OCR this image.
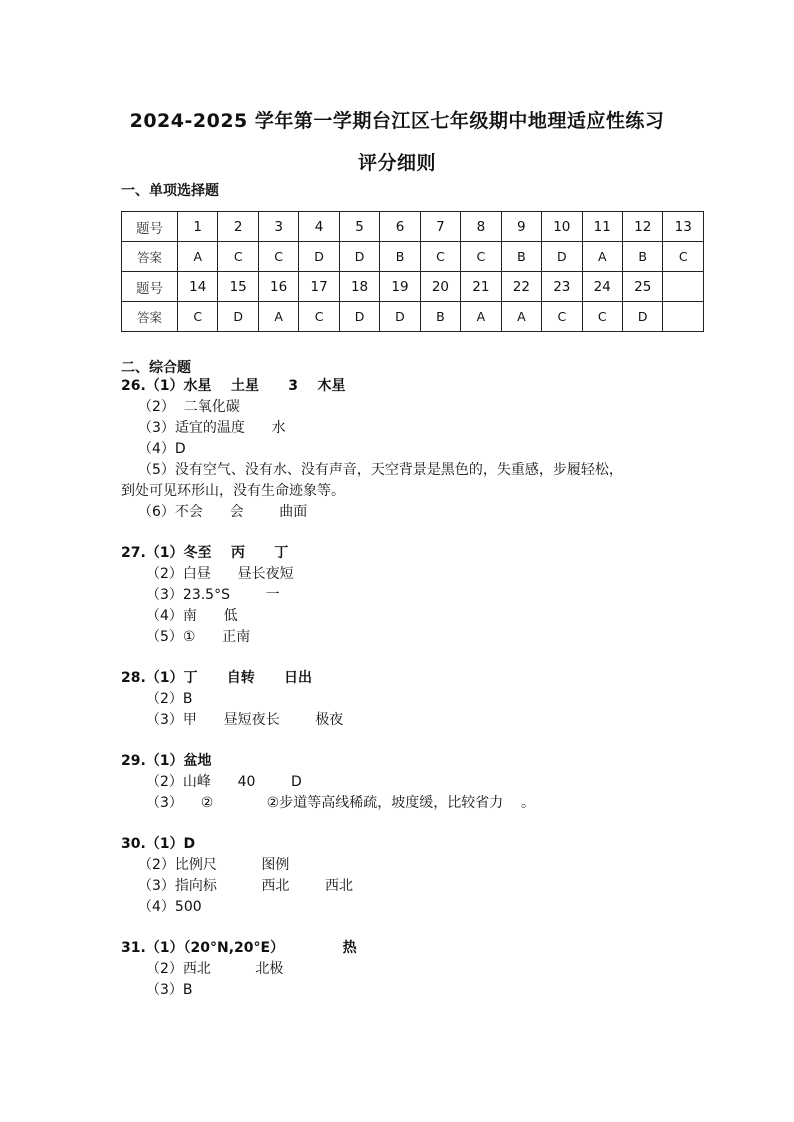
2024-2025 学年第一学期台江区七年级期中地理适应性练习
评分细则
一、单项选择题
题号	1	2	3	4	5	6	7	8	9	10	11	12	13
答案	A	C	C	D	D	B	C	C	B	D	A	B	C
题号	14	15	16	17	18	19	20	21	22	23	24	25	
答案	C	D	A	C	D	D	B	A	A	C	C	D	
二、综合题
26.（1）水星    土星      3    木星
（2）  二氧化碳
（3）适宜的温度      水
（4）D
（5）没有空气、没有水、没有声音，天空背景是黑色的，失重感，步履轻松，
到处可见环形山，没有生命迹象等。
（6）不会      会        曲面
27.（1）冬至    丙      丁
（2）白昼      昼长夜短
（3）23.5°S        一
（4）南      低
（5）①      正南
28.（1）丁      自转      日出
（2）B
（3）甲      昼短夜长        极夜
29.（1）盆地
（2）山峰      40        D
（3）    ②            ②步道等高线稀疏，坡度缓，比较省力    。
30.（1）D
（2）比例尺          图例
（3）指向标          西北        西北
（4）500
31.（1）（20°N,20°E）            热
（2）西北          北极
（3）B
